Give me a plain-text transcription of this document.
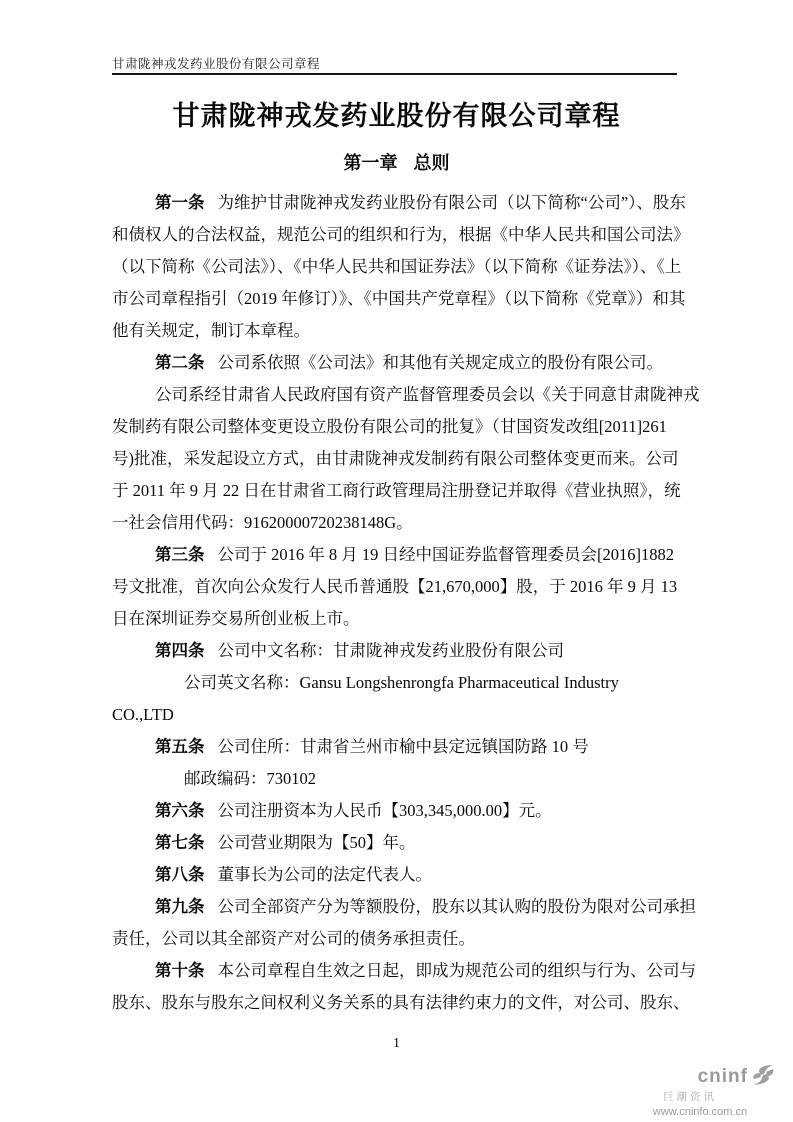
甘肃陇神戎发药业股份有限公司章程
甘肃陇神戎发药业股份有限公司章程
第一章 总则
第一条 为维护甘肃陇神戎发药业股份有限公司（以下简称“公司”）、股东
和债权人的合法权益，规范公司的组织和行为，根据《中华人民共和国公司法》
（以下简称《公司法》）、《中华人民共和国证券法》（以下简称《证券法》）、《上
市公司章程指引（2019 年修订）》、《中国共产党章程》（以下简称《党章》）和其
他有关规定，制订本章程。
第二条 公司系依照《公司法》和其他有关规定成立的股份有限公司。
公司系经甘肃省人民政府国有资产监督管理委员会以《关于同意甘肃陇神戎
发制药有限公司整体变更设立股份有限公司的批复》（甘国资发改组[2011]261
号)批准，采发起设立方式，由甘肃陇神戎发制药有限公司整体变更而来。公司
于 2011 年 9 月 22 日在甘肃省工商行政管理局注册登记并取得《营业执照》，统
一社会信用代码：91620000720238148G。
第三条 公司于 2016 年 8 月 19 日经中国证券监督管理委员会[2016]1882
号文批准，首次向公众发行人民币普通股【21,670,000】股，于 2016 年 9 月 13
日在深圳证券交易所创业板上市。
第四条 公司中文名称：甘肃陇神戎发药业股份有限公司
公司英文名称：Gansu Longshenrongfa Pharmaceutical Industry
CO.,LTD
第五条 公司住所：甘肃省兰州市榆中县定远镇国防路 10 号
邮政编码：730102
第六条 公司注册资本为人民币【303,345,000.00】元。
第七条 公司营业期限为【50】年。
第八条 董事长为公司的法定代表人。
第九条 公司全部资产分为等额股份，股东以其认购的股份为限对公司承担
责任，公司以其全部资产对公司的债务承担责任。
第十条 本公司章程自生效之日起，即成为规范公司的组织与行为、公司与
股东、股东与股东之间权利义务关系的具有法律约束力的文件，对公司、股东、
1
cninf
巨潮资讯
www.cninfo.com.cn
